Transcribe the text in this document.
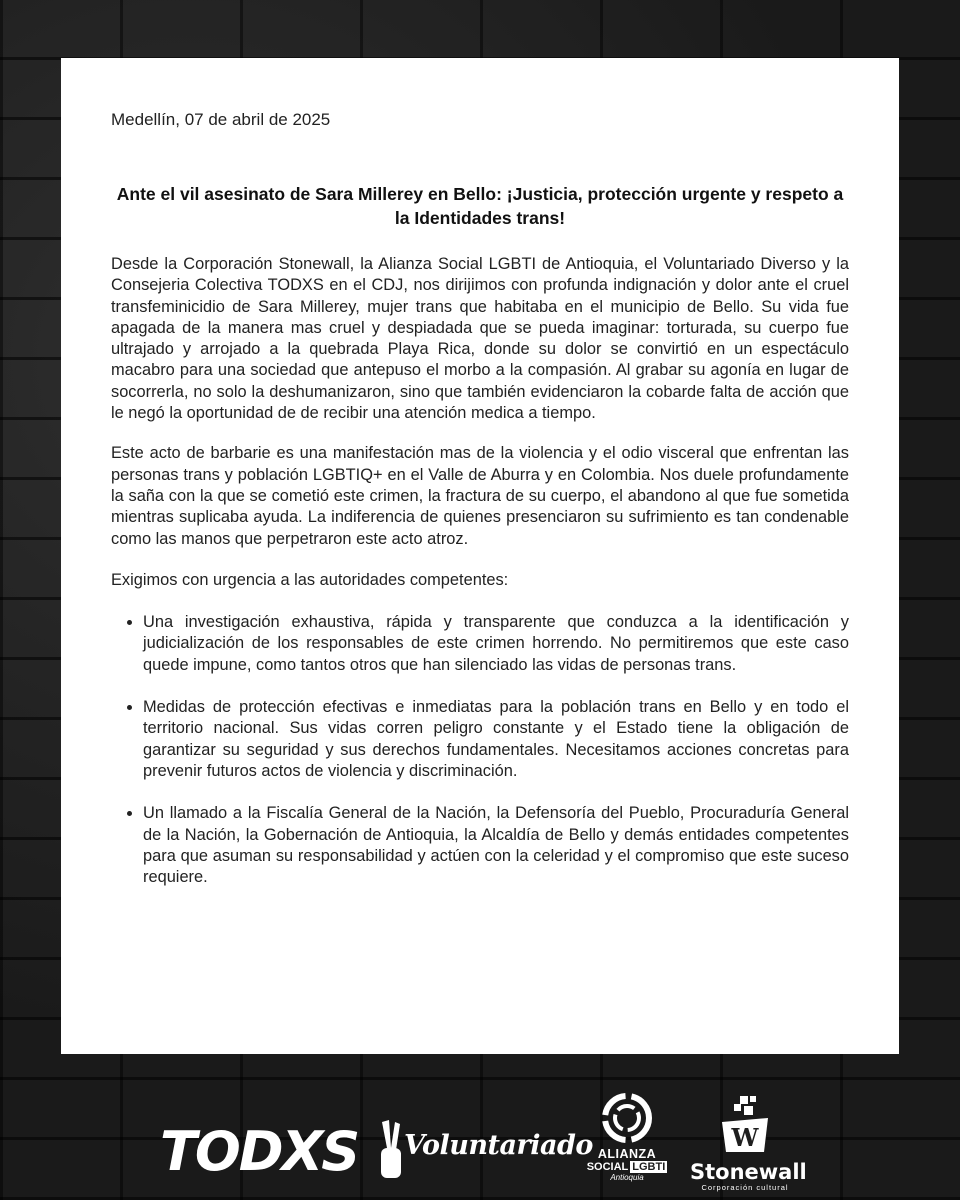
Medellín, 07 de abril de 2025

Ante el vil asesinato de Sara Millerey en Bello: ¡Justicia, protección urgente y respeto a la Identidades trans!

Desde la Corporación Stonewall, la Alianza Social LGBTI de Antioquia, el Voluntariado Diverso y la Consejeria Colectiva TODXS en el CDJ, nos dirijimos con profunda indignación y dolor ante el cruel transfeminicidio de Sara Millerey, mujer trans que habitaba en el municipio de Bello. Su vida fue apagada de la manera mas cruel y despiadada que se pueda imaginar: torturada, su cuerpo fue ultrajado y arrojado a la quebrada Playa Rica, donde su dolor se convirtió en un espectáculo macabro para una sociedad que antepuso el morbo a la compasión. Al grabar su agonía en lugar de socorrerla, no solo la deshumanizaron, sino que también evidenciaron la cobarde falta de acción que le negó la oportunidad de de recibir una atención medica a tiempo.

Este acto de barbarie es una manifestación mas de la violencia y el odio visceral que enfrentan las personas trans y población LGBTIQ+ en el Valle de Aburra y en Colombia. Nos duele profundamente la saña con la que se cometió este crimen, la fractura de su cuerpo, el abandono al que fue sometida mientras suplicaba ayuda. La indiferencia de quienes presenciaron su sufrimiento es tan condenable como las manos que perpetraron este acto atroz.

Exigimos con urgencia a las autoridades competentes:

• Una investigación exhaustiva, rápida y transparente que conduzca a la identificación y judicialización de los responsables de este crimen horrendo. No permitiremos que este caso quede impune, como tantos otros que han silenciado las vidas de personas trans.
• Medidas de protección efectivas e inmediatas para la población trans en Bello y en todo el territorio nacional. Sus vidas corren peligro constante y el Estado tiene la obligación de garantizar su seguridad y sus derechos fundamentales. Necesitamos acciones concretas para prevenir futuros actos de violencia y discriminación.
• Un llamado a la Fiscalía General de la Nación, la Defensoría del Pueblo, Procuraduría General de la Nación, la Gobernación de Antioquia, la Alcaldía de Bello y demás entidades competentes para que asuman su responsabilidad y actúen con la celeridad y el compromiso que este suceso requiere.
TODXS Voluntariado ALIANZA
SOCIAL LGBTI
Antioquia
W
Stonewall
Corporación cultural
